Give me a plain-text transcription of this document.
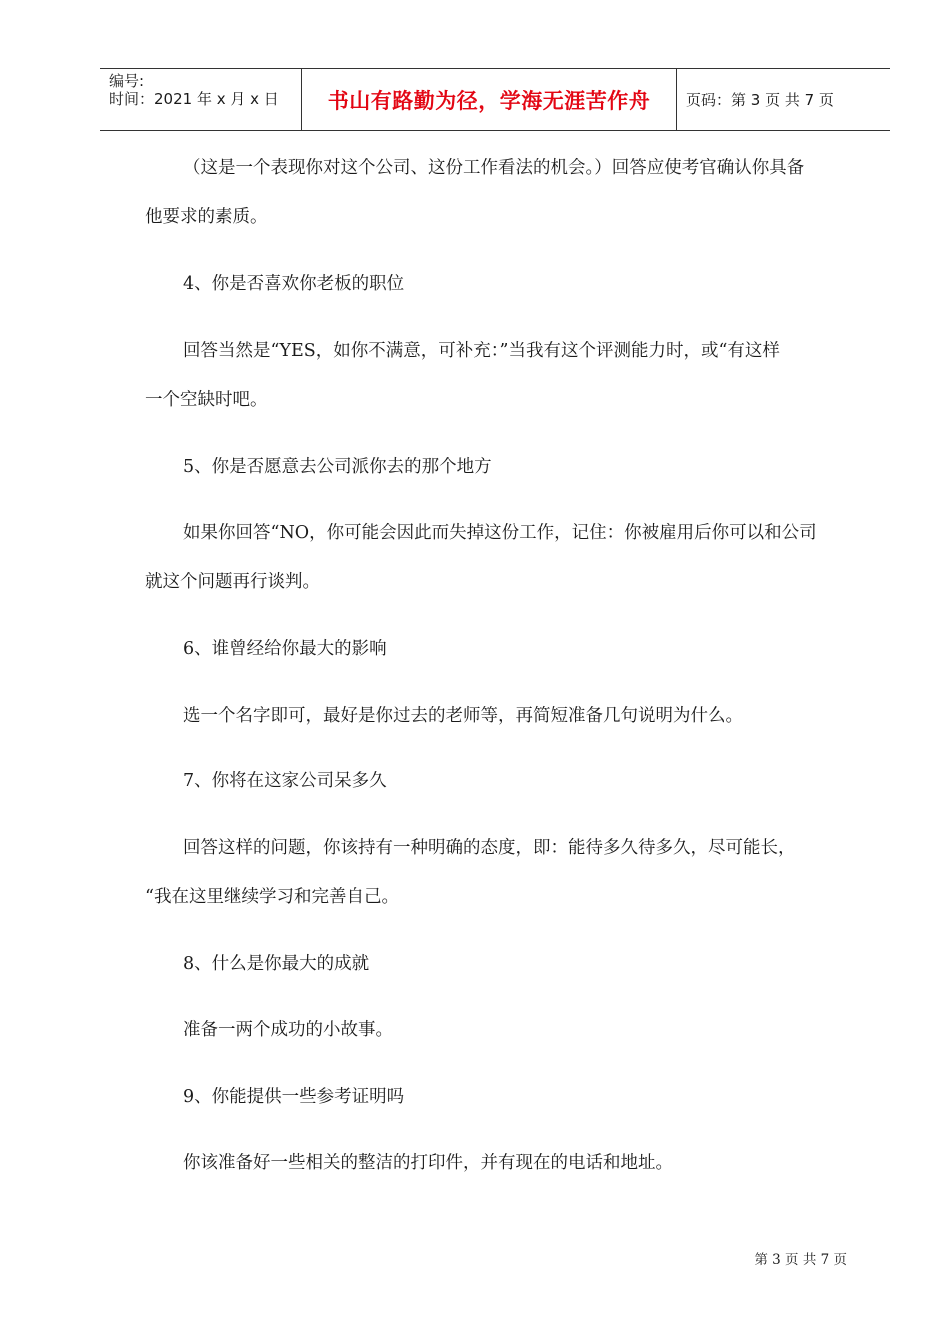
编号:
时间：2021 年 x 月 x 日	书山有路勤为径，学海无涯苦作舟	页码：第 3 页 共 7 页
（这是一个表现你对这个公司、这份工作看法的机会。）回答应使考官确认你具备
他要求的素质。
4、你是否喜欢你老板的职位
回答当然是“YES，如你不满意，可补充：”当我有这个评测能力时，或“有这样
一个空缺时吧。
5、你是否愿意去公司派你去的那个地方
如果你回答“NO，你可能会因此而失掉这份工作，记住：你被雇用后你可以和公司
就这个问题再行谈判。
6、谁曾经给你最大的影响
选一个名字即可，最好是你过去的老师等，再简短准备几句说明为什么。
7、你将在这家公司呆多久
回答这样的问题，你该持有一种明确的态度，即：能待多久待多久，尽可能长，
“我在这里继续学习和完善自己。
8、什么是你最大的成就
准备一两个成功的小故事。
9、你能提供一些参考证明吗
你该准备好一些相关的整洁的打印件，并有现在的电话和地址。
第 3 页 共 7 页
